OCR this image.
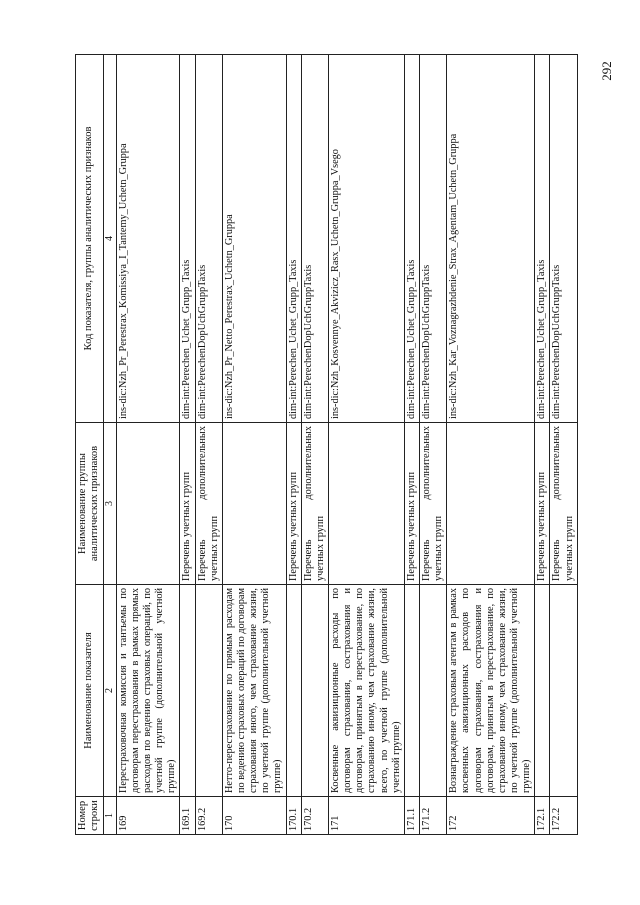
292
Номер строки	Наименование показателя	Наименование группы аналитических признаков	Код показателя, группы аналитических признаков
1	2	3	4
169	Перестраховочная комиссия и тантьемы по договорам перестрахования в рамках прямых расходов по ведению страховых операций, по учетной группе (дополнительной учетной группе)		ins-dic:Nzh_Pr_Perestrax_Komissiya_I_Tantemy_Uchetn_Gruppa
169.1		Перечень учетных групп	dim-int:Perechen_Uchet_Grupp_Taxis
169.2		Перечень дополнительных учетных групп	dim-int:PerechenDopUchGruppTaxis
170	Нетто-перестрахование по прямым расходам по ведению страховых операций по договорам страхования иного, чем страхование жизни, по учетной группе (дополнительной учетной группе)		ins-dic:Nzh_Pr_Netto_Perestrax_Uchetn_Gruppa
170.1		Перечень учетных групп	dim-int:Perechen_Uchet_Grupp_Taxis
170.2		Перечень дополнительных учетных групп	dim-int:PerechenDopUchGruppTaxis
171	Косвенные аквизиционные расходы по договорам страхования, сострахования и договорам, принятым в перестрахование, по страхованию иному, чем страхование жизни, всего, по учетной группе (дополнительной учетной группе)		ins-dic:Nzh_Kosvennye_Akvizicz_Rasx_Uchetn_Gruppa_Vsego
171.1		Перечень учетных групп	dim-int:Perechen_Uchet_Grupp_Taxis
171.2		Перечень дополнительных учетных групп	dim-int:PerechenDopUchGruppTaxis
172	Вознаграждение страховым агентам в рамках косвенных аквизиционных расходов по договорам страхования, сострахования и договорам, принятым в перестрахование, по страхованию иному, чем страхование жизни, по учетной группе (дополнительной учетной группе)		ins-dic:Nzh_Kar_Voznagrazhdenie_Strax_Agentam_Uchetn_Gruppa
172.1		Перечень учетных групп	dim-int:Perechen_Uchet_Grupp_Taxis
172.2		Перечень дополнительных учетных групп	dim-int:PerechenDopUchGruppTaxis
